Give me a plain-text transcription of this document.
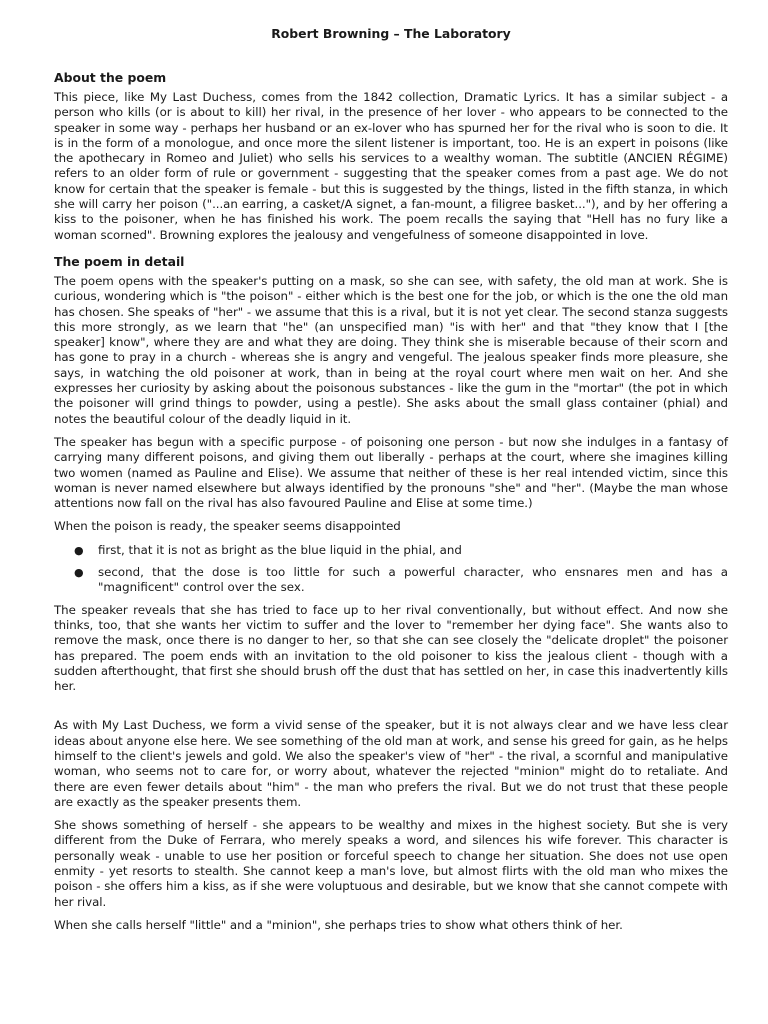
Robert Browning – The Laboratory
About the poem

This piece, like My Last Duchess, comes from the 1842 collection, Dramatic Lyrics. It has a similar subject - a person who kills (or is about to kill) her rival, in the presence of her lover - who appears to be connected to the speaker in some way - perhaps her husband or an ex-lover who has spurned her for the rival who is soon to die. It is in the form of a monologue, and once more the silent listener is important, too. He is an expert in poisons (like the apothecary in Romeo and Juliet) who sells his services to a wealthy woman. The subtitle (ANCIEN RÉGIME) refers to an older form of rule or government - suggesting that the speaker comes from a past age. We do not know for certain that the speaker is female - but this is suggested by the things, listed in the fifth stanza, in which she will carry her poison ("...an earring, a casket/A signet, a fan-mount, a filigree basket..."), and by her offering a kiss to the poisoner, when he has finished his work. The poem recalls the saying that "Hell has no fury like a woman scorned". Browning explores the jealousy and vengefulness of someone disappointed in love.

The poem in detail

The poem opens with the speaker's putting on a mask, so she can see, with safety, the old man at work. She is curious, wondering which is "the poison" - either which is the best one for the job, or which is the one the old man has chosen. She speaks of "her" - we assume that this is a rival, but it is not yet clear. The second stanza suggests this more strongly, as we learn that "he" (an unspecified man) "is with her" and that "they know that I [the speaker] know", where they are and what they are doing. They think she is miserable because of their scorn and has gone to pray in a church - whereas she is angry and vengeful. The jealous speaker finds more pleasure, she says, in watching the old poisoner at work, than in being at the royal court where men wait on her. And she expresses her curiosity by asking about the poisonous substances - like the gum in the "mortar" (the pot in which the poisoner will grind things to powder, using a pestle). She asks about the small glass container (phial) and notes the beautiful colour of the deadly liquid in it.

The speaker has begun with a specific purpose - of poisoning one person - but now she indulges in a fantasy of carrying many different poisons, and giving them out liberally - perhaps at the court, where she imagines killing two women (named as Pauline and Elise). We assume that neither of these is her real intended victim, since this woman is never named elsewhere but always identified by the pronouns "she" and "her". (Maybe the man whose attentions now fall on the rival has also favoured Pauline and Elise at some time.)

When the poison is ready, the speaker seems disappointed

● first, that it is not as bright as the blue liquid in the phial, and
● second, that the dose is too little for such a powerful character, who ensnares men and has a "magnificent" control over the sex.

The speaker reveals that she has tried to face up to her rival conventionally, but without effect. And now she thinks, too, that she wants her victim to suffer and the lover to "remember her dying face". She wants also to remove the mask, once there is no danger to her, so that she can see closely the "delicate droplet" the poisoner has prepared. The poem ends with an invitation to the old poisoner to kiss the jealous client - though with a sudden afterthought, that first she should brush off the dust that has settled on her, in case this inadvertently kills her.

As with My Last Duchess, we form a vivid sense of the speaker, but it is not always clear and we have less clear ideas about anyone else here. We see something of the old man at work, and sense his greed for gain, as he helps himself to the client's jewels and gold. We also the speaker's view of "her" - the rival, a scornful and manipulative woman, who seems not to care for, or worry about, whatever the rejected "minion" might do to retaliate. And there are even fewer details about "him" - the man who prefers the rival. But we do not trust that these people are exactly as the speaker presents them.

She shows something of herself - she appears to be wealthy and mixes in the highest society. But she is very different from the Duke of Ferrara, who merely speaks a word, and silences his wife forever. This character is personally weak - unable to use her position or forceful speech to change her situation. She does not use open enmity - yet resorts to stealth. She cannot keep a man's love, but almost flirts with the old man who mixes the poison - she offers him a kiss, as if she were voluptuous and desirable, but we know that she cannot compete with her rival.

When she calls herself "little" and a "minion", she perhaps tries to show what others think of her.
